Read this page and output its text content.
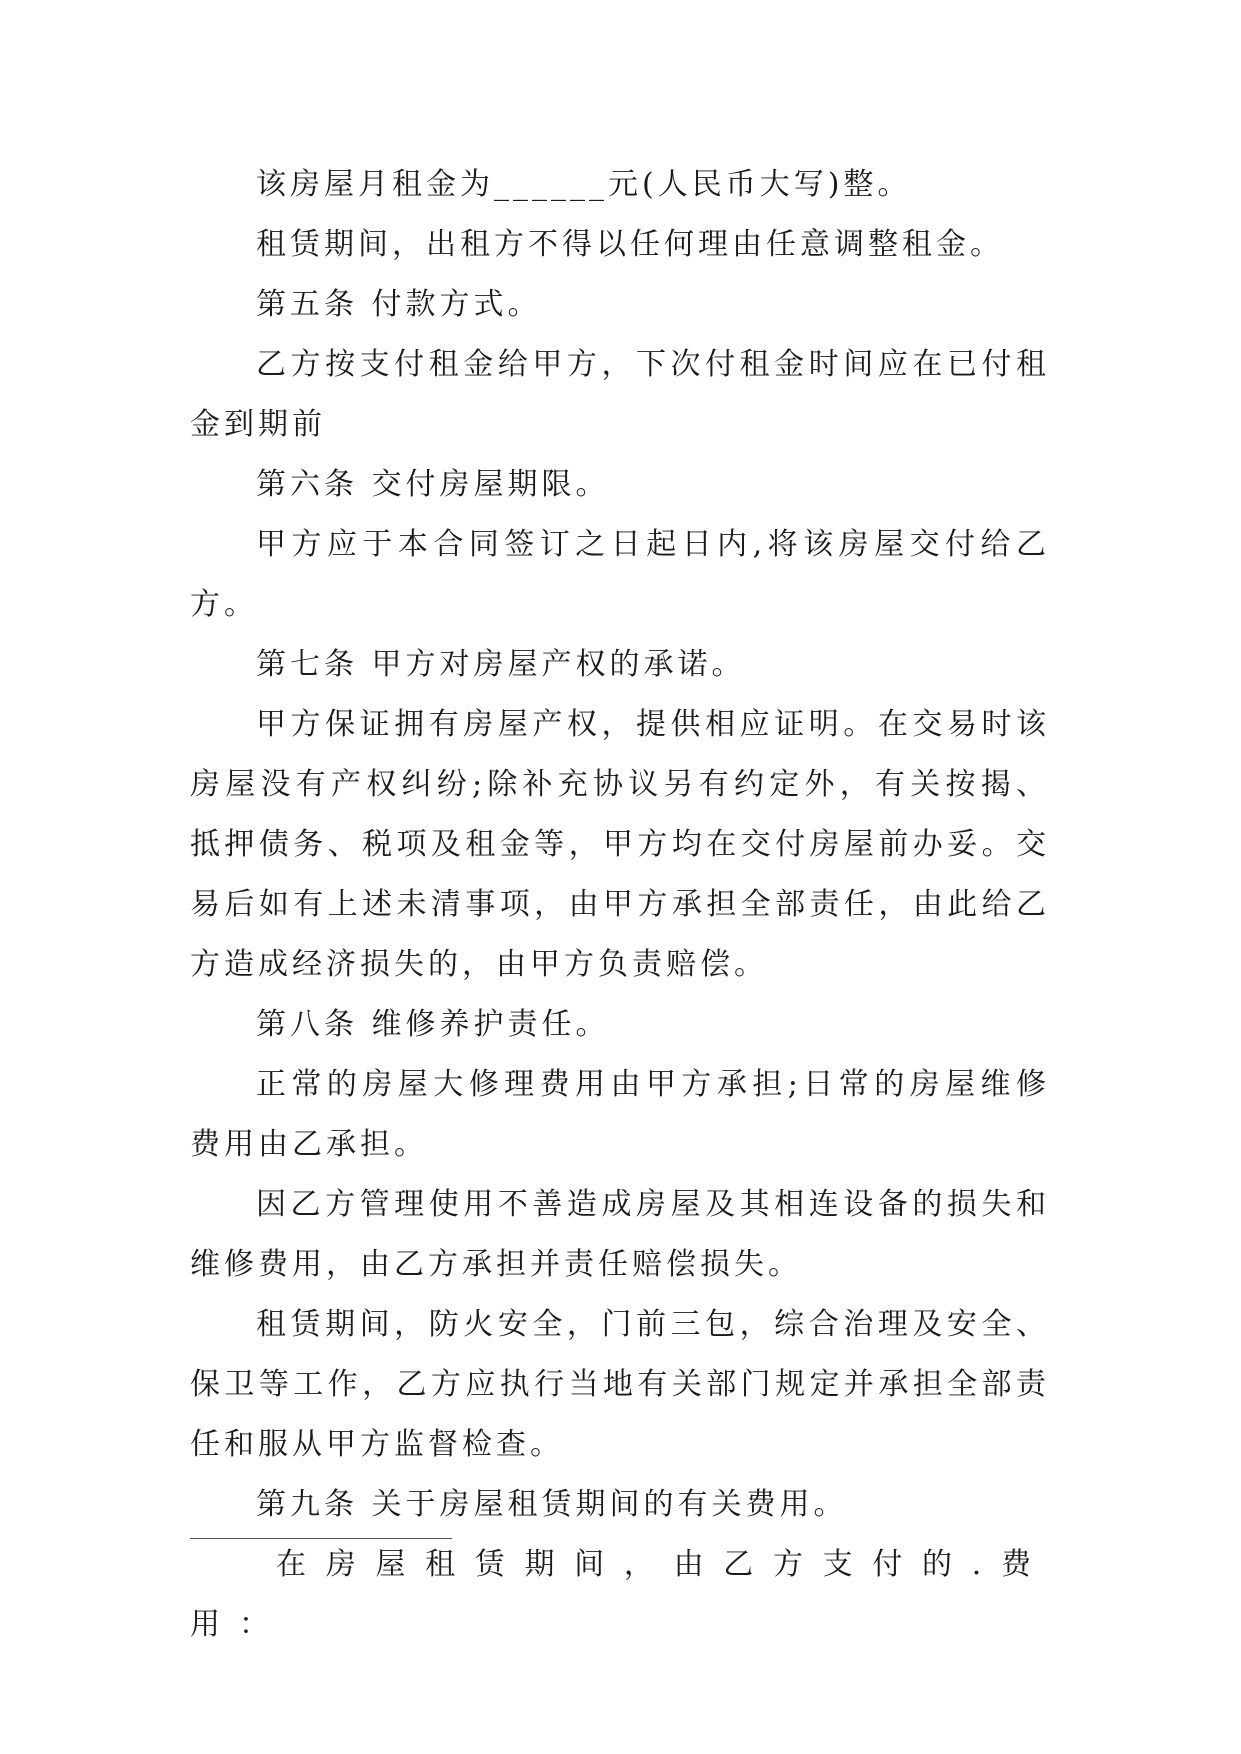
该房屋月租金为______元(人民币大写)整。

租赁期间，出租方不得以任何理由任意调整租金。

第五条 付款方式。

乙方按支付租金给甲方，下次付租金时间应在已付租金到期前

第六条 交付房屋期限。

甲方应于本合同签订之日起日内,将该房屋交付给乙方。

第七条 甲方对房屋产权的承诺。

甲方保证拥有房屋产权，提供相应证明。在交易时该房屋没有产权纠纷;除补充协议另有约定外，有关按揭、抵押债务、税项及租金等，甲方均在交付房屋前办妥。交易后如有上述未清事项，由甲方承担全部责任，由此给乙方造成经济损失的，由甲方负责赔偿。

第八条 维修养护责任。

正常的房屋大修理费用由甲方承担;日常的房屋维修费用由乙承担。

因乙方管理使用不善造成房屋及其相连设备的损失和维修费用，由乙方承担并责任赔偿损失。

租赁期间，防火安全，门前三包，综合治理及安全、保卫等工作，乙方应执行当地有关部门规定并承担全部责任和服从甲方监督检查。

第九条 关于房屋租赁期间的有关费用。

在房屋租赁期间，由乙方支付的.费用：
